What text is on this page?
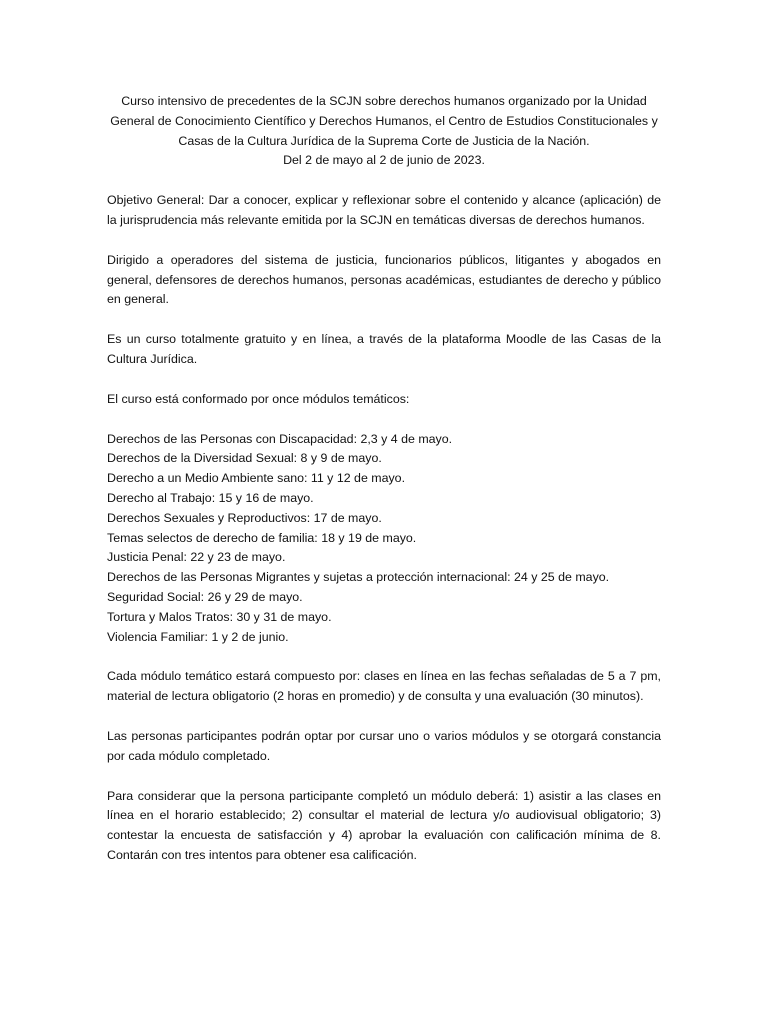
Curso intensivo de precedentes de la SCJN sobre derechos humanos organizado por la Unidad General de Conocimiento Científico y Derechos Humanos, el Centro de Estudios Constitucionales y Casas de la Cultura Jurídica de la Suprema Corte de Justicia de la Nación.

Del 2 de mayo al 2 de junio de 2023.

Objetivo General: Dar a conocer, explicar y reflexionar sobre el contenido y alcance (aplicación) de la jurisprudencia más relevante emitida por la SCJN en temáticas diversas de derechos humanos.

Dirigido a operadores del sistema de justicia, funcionarios públicos, litigantes y abogados en general, defensores de derechos humanos, personas académicas, estudiantes de derecho y público en general.

Es un curso totalmente gratuito y en línea, a través de la plataforma Moodle de las Casas de la Cultura Jurídica.

El curso está conformado por once módulos temáticos:

Derechos de las Personas con Discapacidad: 2,3 y 4 de mayo.
Derechos de la Diversidad Sexual: 8 y 9 de mayo.
Derecho a un Medio Ambiente sano: 11 y 12 de mayo.
Derecho al Trabajo: 15 y 16 de mayo.
Derechos Sexuales y Reproductivos: 17 de mayo.
Temas selectos de derecho de familia: 18 y 19 de mayo.
Justicia Penal: 22 y 23 de mayo.
Derechos de las Personas Migrantes y sujetas a protección internacional: 24 y 25 de mayo.
Seguridad Social: 26 y 29 de mayo.
Tortura y Malos Tratos: 30 y 31 de mayo.
Violencia Familiar: 1 y 2 de junio.

Cada módulo temático estará compuesto por: clases en línea en las fechas señaladas de 5 a 7 pm, material de lectura obligatorio (2 horas en promedio) y de consulta y una evaluación (30 minutos).

Las personas participantes podrán optar por cursar uno o varios módulos y se otorgará constancia por cada módulo completado.

Para considerar que la persona participante completó un módulo deberá: 1) asistir a las clases en línea en el horario establecido; 2) consultar el material de lectura y/o audiovisual obligatorio; 3) contestar la encuesta de satisfacción y 4) aprobar la evaluación con calificación mínima de 8. Contarán con tres intentos para obtener esa calificación.
